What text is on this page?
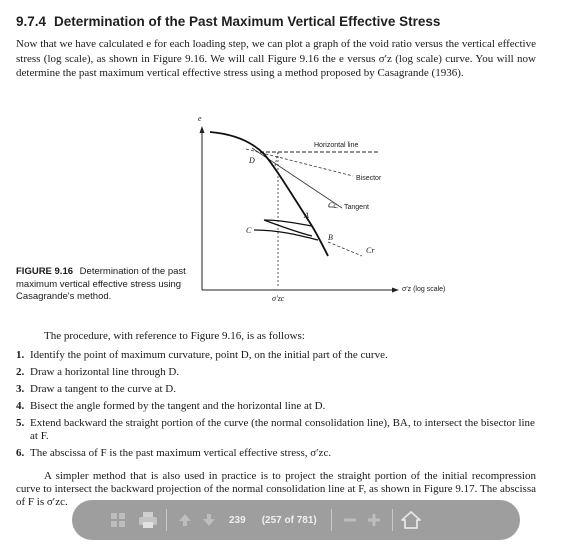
9.7.4 Determination of the Past Maximum Vertical Effective Stress
Now that we have calculated e for each loading step, we can plot a graph of the void ratio versus the vertical effective stress (log scale), as shown in Figure 9.16. We will call Figure 9.16 the e versus σ′z (log scale) curve. You will now determine the past maximum vertical effective stress using a method proposed by Casagrande (1936).
FIGURE 9.16 Determination of the past maximum vertical effective stress using Casagrande's method.
e
Horizontal line
Bisector
Tangent
Cc
Cr
D
A
B
C
σ′zc
σ′z (log scale)
The procedure, with reference to Figure 9.16, is as follows:
1. Identify the point of maximum curvature, point D, on the initial part of the curve.
2. Draw a horizontal line through D.
3. Draw a tangent to the curve at D.
4. Bisect the angle formed by the tangent and the horizontal line at D.
5. Extend backward the straight portion of the curve (the normal consolidation line), BA, to intersect the bisector line at F.
6. The abscissa of F is the past maximum vertical effective stress, σ′zc.
A simpler method that is also used in practice is to project the straight portion of the initial recompression curve to intersect the backward projection of the normal consolidation line at F, as shown in Figure 9.17. The abscissa of F is σ′zc.
239 (257 of 781)
